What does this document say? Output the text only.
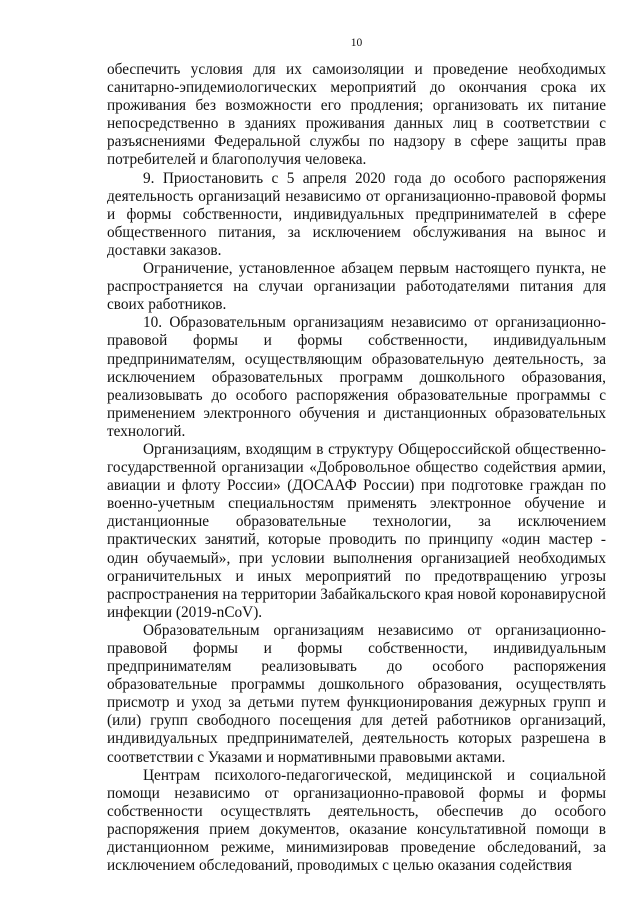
10

обеспечить условия для их самоизоляции и проведение необходимых санитарно-эпидемиологических мероприятий до окончания срока их проживания без возможности его продления; организовать их питание непосредственно в зданиях проживания данных лиц в соответствии с разъяснениями Федеральной службы по надзору в сфере защиты прав потребителей и благополучия человека.

9. Приостановить с 5 апреля 2020 года до особого распоряжения деятельность организаций независимо от организационно-правовой формы и формы собственности, индивидуальных предпринимателей в сфере общественного питания, за исключением обслуживания на вынос и доставки заказов.

Ограничение, установленное абзацем первым настоящего пункта, не распространяется на случаи организации работодателями питания для своих работников.

10. Образовательным организациям независимо от организационно-правовой формы и формы собственности, индивидуальным предпринимателям, осуществляющим образовательную деятельность, за исключением образовательных программ дошкольного образования, реализовывать до особого распоряжения образовательные программы с применением электронного обучения и дистанционных образовательных технологий.

Организациям, входящим в структуру Общероссийской общественно-государственной организации «Добровольное общество содействия армии, авиации и флоту России» (ДОСААФ России) при подготовке граждан по военно-учетным специальностям применять электронное обучение и дистанционные образовательные технологии, за исключением практических занятий, которые проводить по принципу «один мастер - один обучаемый», при условии выполнения организацией необходимых ограничительных и иных мероприятий по предотвращению угрозы распространения на территории Забайкальского края новой коронавирусной инфекции (2019-nCoV).

Образовательным организациям независимо от организационно-правовой формы и формы собственности, индивидуальным предпринимателям реализовывать до особого распоряжения образовательные программы дошкольного образования, осуществлять присмотр и уход за детьми путем функционирования дежурных групп и (или) групп свободного посещения для детей работников организаций, индивидуальных предпринимателей, деятельность которых разрешена в соответствии с Указами и нормативными правовыми актами.

Центрам психолого-педагогической, медицинской и социальной помощи независимо от организационно-правовой формы и формы собственности осуществлять деятельность, обеспечив до особого распоряжения прием документов, оказание консультативной помощи в дистанционном режиме, минимизировав проведение обследований, за исключением обследований, проводимых с целью оказания содействия
